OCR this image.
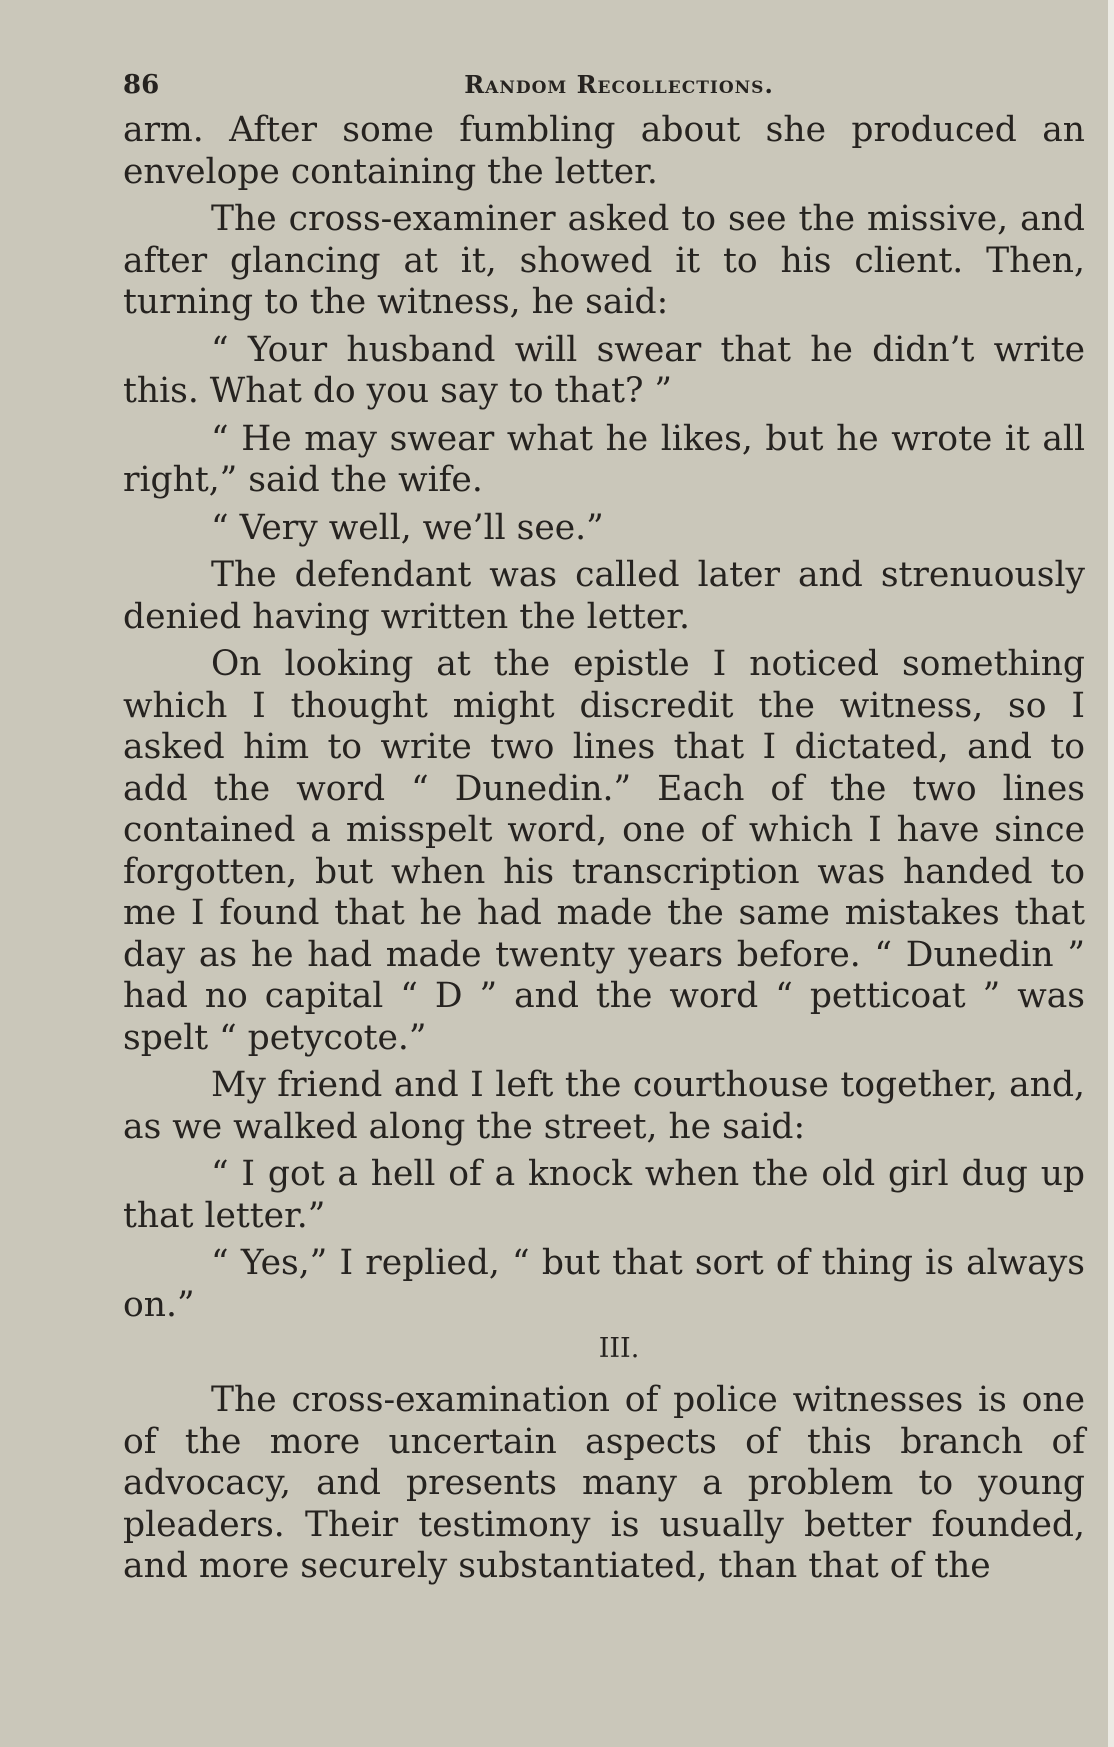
86	Random Recollections.

arm. After some fumbling about she produced an envelope containing the letter.

The cross-examiner asked to see the missive, and after glancing at it, showed it to his client. Then, turning to the witness, he said:

“ Your husband will swear that he didn’t write this. What do you say to that? ”

“ He may swear what he likes, but he wrote it all right,” said the wife.

“ Very well, we’ll see.”

The defendant was called later and strenuously denied having written the letter.

On looking at the epistle I noticed something which I thought might discredit the witness, so I asked him to write two lines that I dictated, and to add the word “ Dunedin.” Each of the two lines contained a misspelt word, one of which I have since forgotten, but when his transcription was handed to me I found that he had made the same mistakes that day as he had made twenty years before. “ Dunedin ” had no capital “ D ” and the word “ petticoat ” was spelt “ petycote.”

My friend and I left the courthouse together, and, as we walked along the street, he said:

“ I got a hell of a knock when the old girl dug up that letter.”

“ Yes,” I replied, “ but that sort of thing is always on.”

III.

The cross-examination of police witnesses is one of the more uncertain aspects of this branch of advocacy, and presents many a problem to young pleaders. Their testimony is usually better founded, and more securely substantiated, than that of the
